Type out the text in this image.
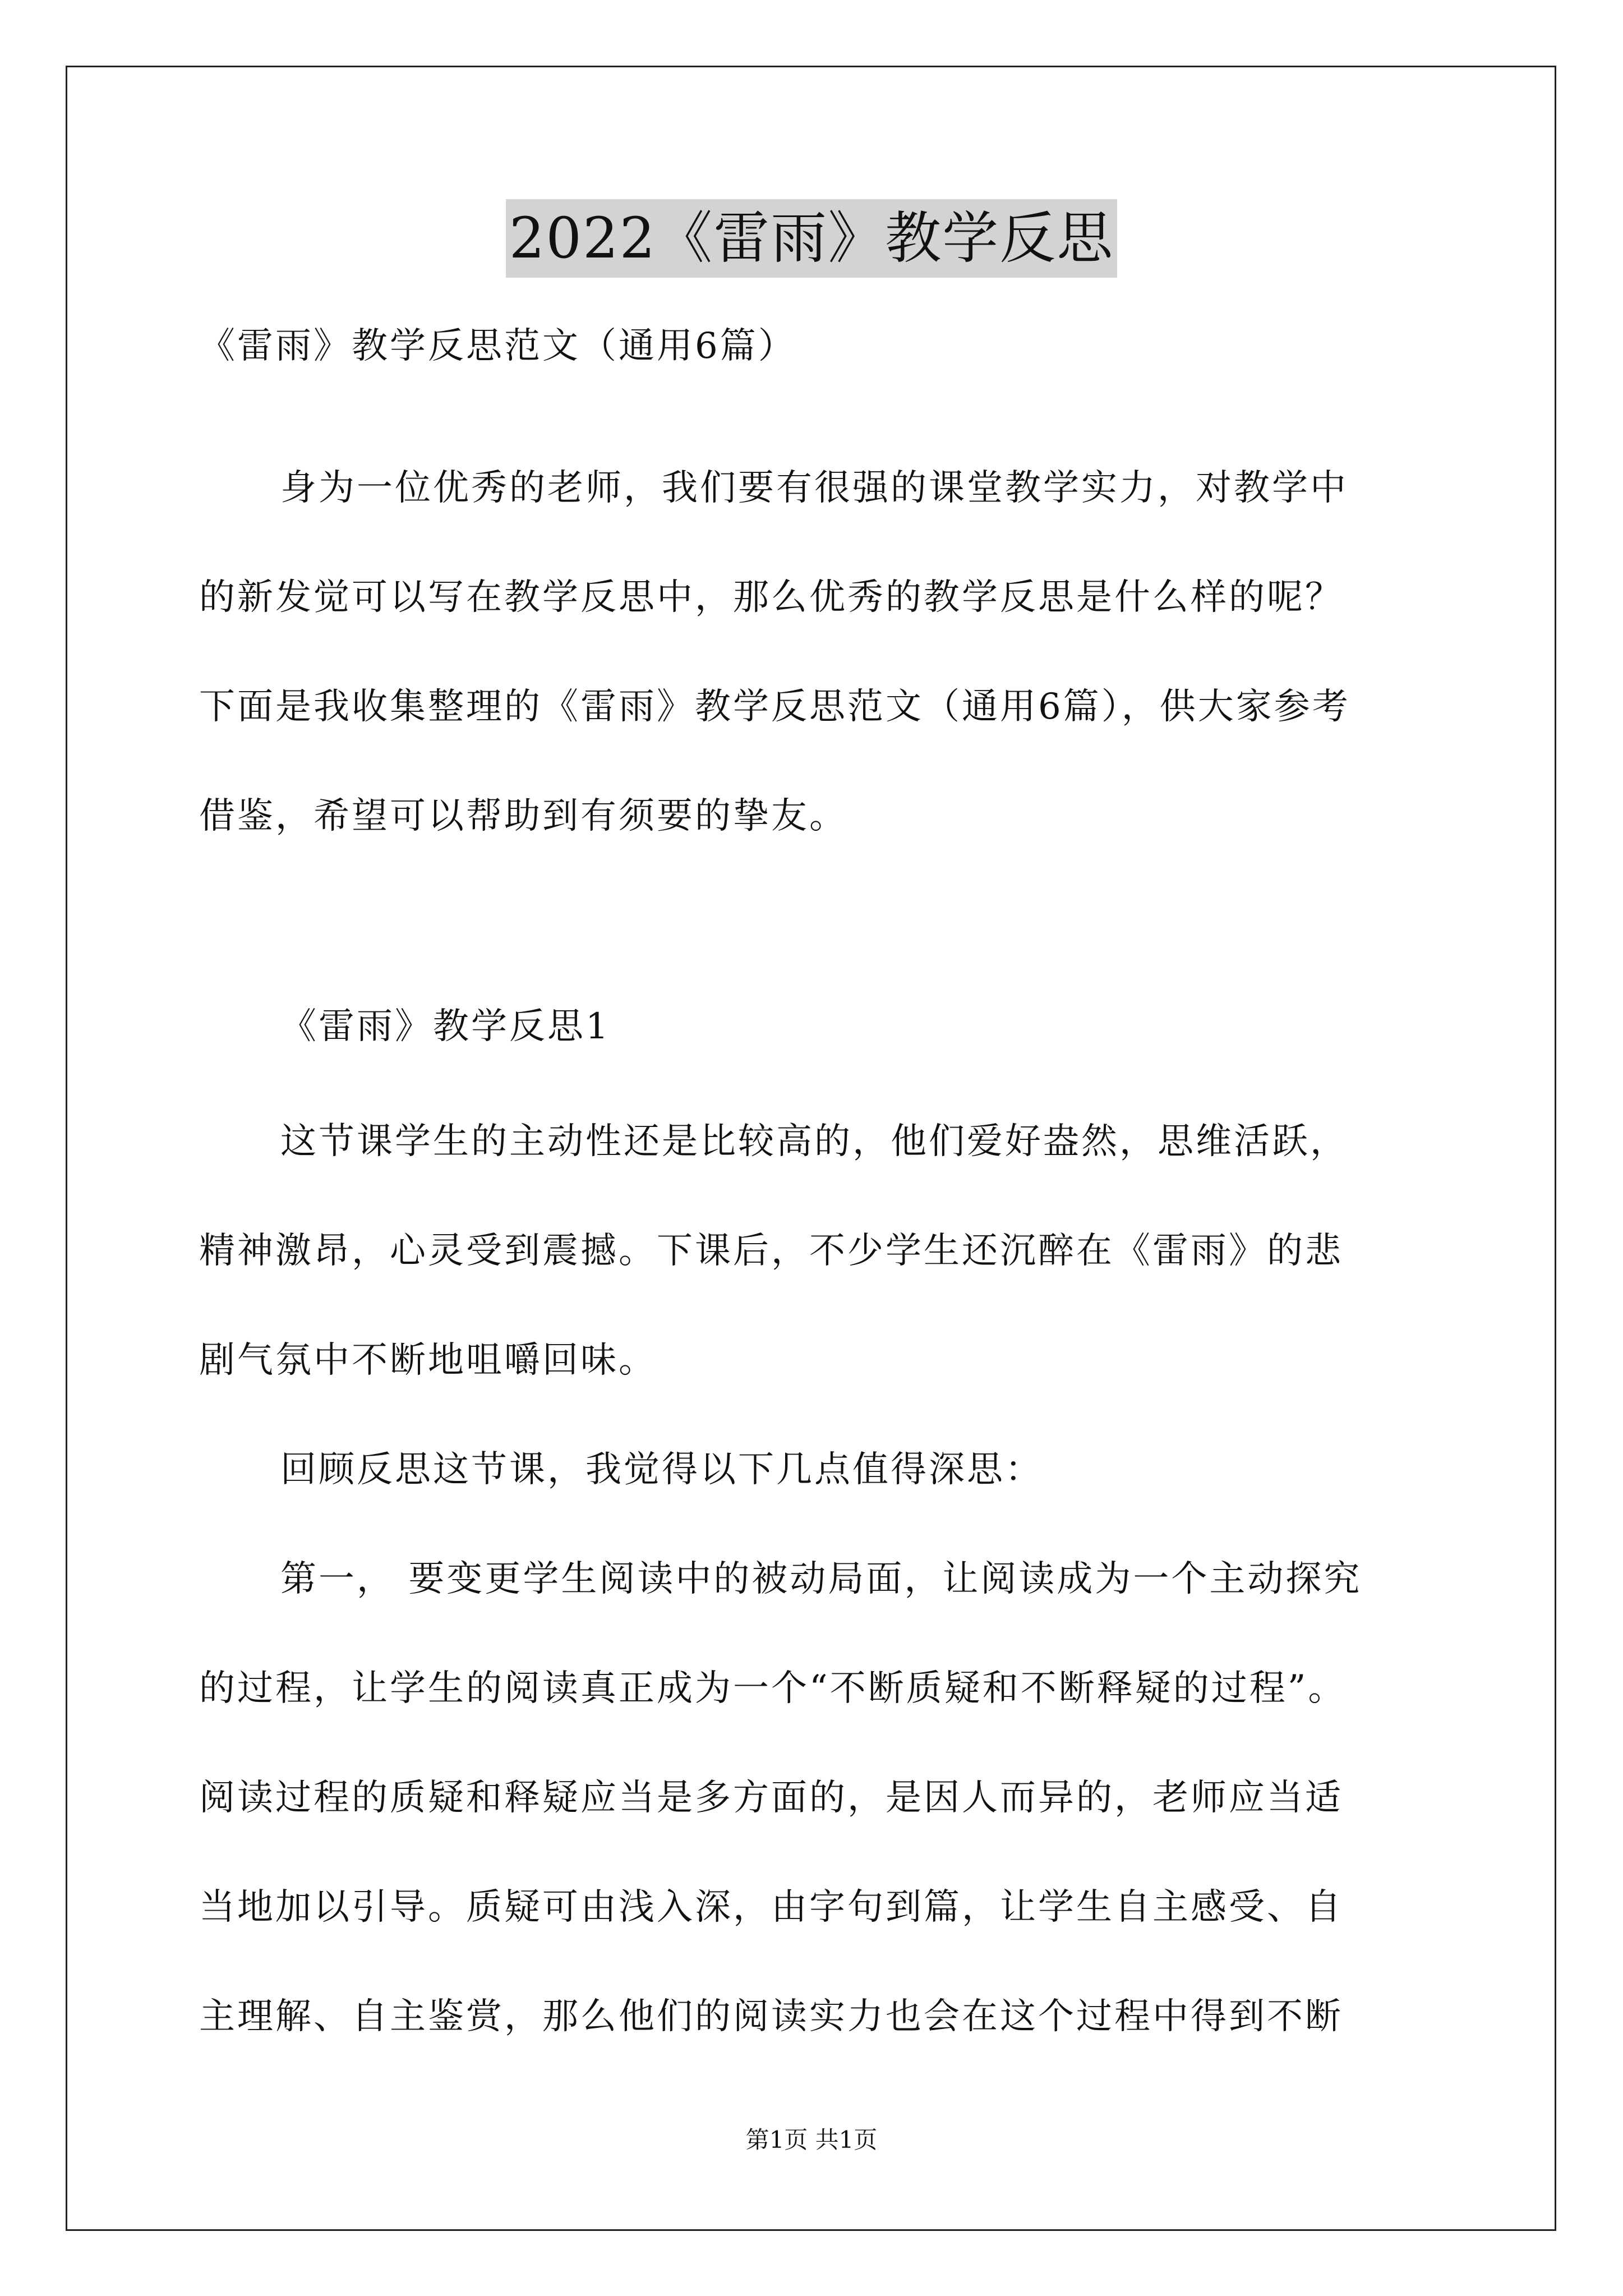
2022《雷雨》教学反思
《雷雨》教学反思范文（通用6篇）
身为一位优秀的老师，我们要有很强的课堂教学实力，对教学中
的新发觉可以写在教学反思中，那么优秀的教学反思是什么样的呢？
下面是我收集整理的《雷雨》教学反思范文（通用6篇），供大家参考
借鉴，希望可以帮助到有须要的挚友。
《雷雨》教学反思1
这节课学生的主动性还是比较高的，他们爱好盎然，思维活跃，
精神激昂，心灵受到震撼。下课后，不少学生还沉醉在《雷雨》的悲
剧气氛中不断地咀嚼回味。
回顾反思这节课，我觉得以下几点值得深思：
第一， 要变更学生阅读中的被动局面，让阅读成为一个主动探究
的过程，让学生的阅读真正成为一个“不断质疑和不断释疑的过程”。
阅读过程的质疑和释疑应当是多方面的，是因人而异的，老师应当适
当地加以引导。质疑可由浅入深，由字句到篇，让学生自主感受、自
主理解、自主鉴赏，那么他们的阅读实力也会在这个过程中得到不断
第1页 共1页
